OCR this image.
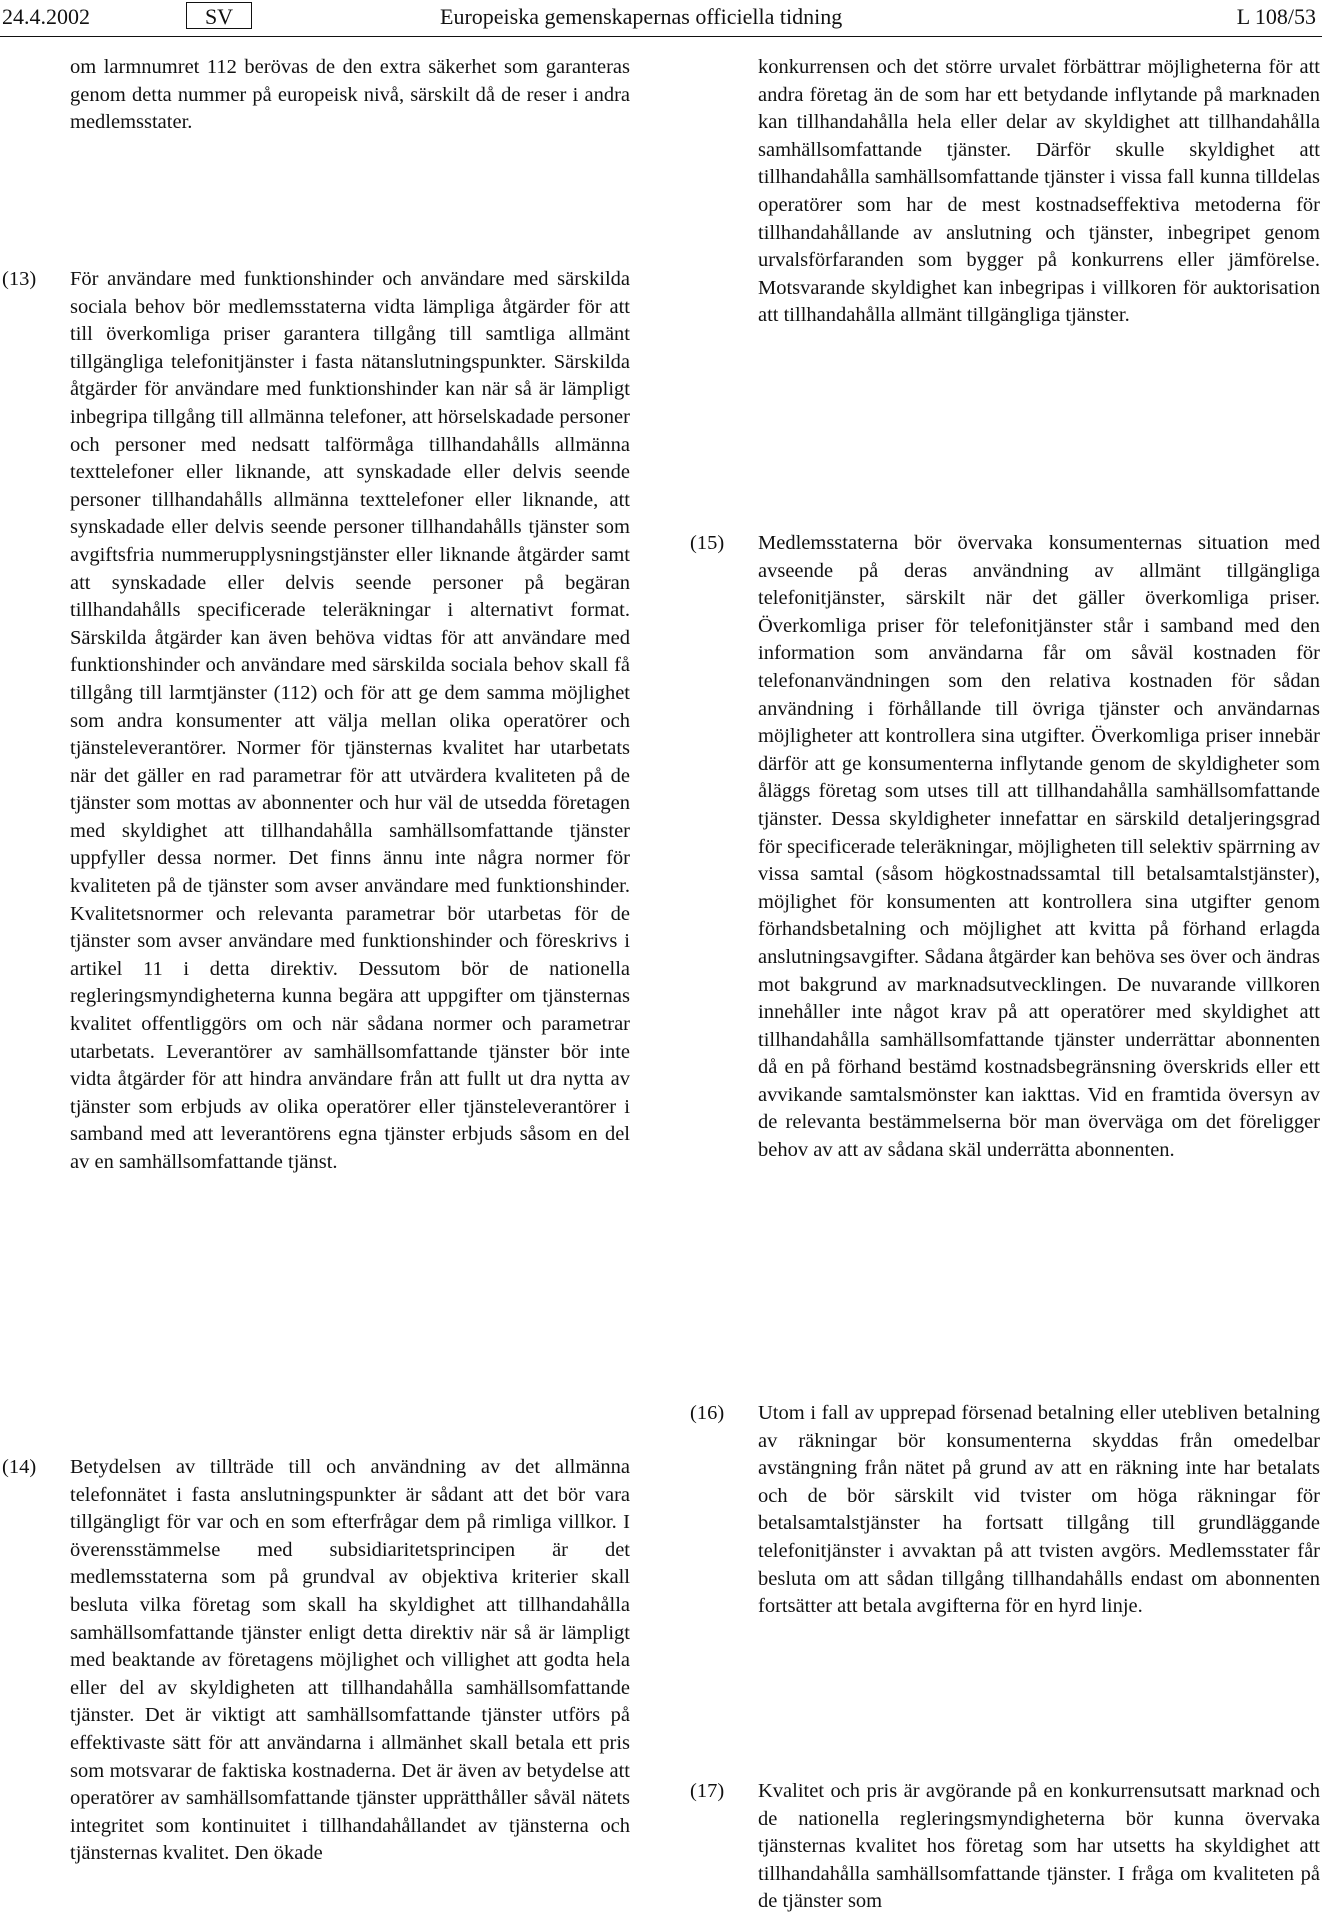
24.4.2002	SV	Europeiska gemenskapernas officiella tidning	L 108/53
om larmnumret 112 berövas de den extra säkerhet som garanteras genom detta nummer på europeisk nivå, särskilt då de reser i andra medlemsstater.
(13)	För användare med funktionshinder och användare med särskilda sociala behov bör medlemsstaterna vidta lämpliga åtgärder för att till överkomliga priser garantera tillgång till samtliga allmänt tillgängliga telefonitjänster i fasta nätanslutningspunkter. Särskilda åtgärder för användare med funktionshinder kan när så är lämpligt inbegripa tillgång till allmänna telefoner, att hörselskadade personer och personer med nedsatt talförmåga tillhandahålls allmänna texttelefoner eller liknande, att synskadade eller delvis seende personer tillhandahålls allmänna texttelefoner eller liknande, att synskadade eller delvis seende personer tillhandahålls tjänster som avgiftsfria nummerupplysningstjänster eller liknande åtgärder samt att synskadade eller delvis seende personer på begäran tillhandahålls specificerade teleräkningar i alternativt format. Särskilda åtgärder kan även behöva vidtas för att användare med funktionshinder och användare med särskilda sociala behov skall få tillgång till larmtjänster (112) och för att ge dem samma möjlighet som andra konsumenter att välja mellan olika operatörer och tjänsteleverantörer. Normer för tjänsternas kvalitet har utarbetats när det gäller en rad parametrar för att utvärdera kvaliteten på de tjänster som mottas av abonnenter och hur väl de utsedda företagen med skyldighet att tillhandahålla samhällsomfattande tjänster uppfyller dessa normer. Det finns ännu inte några normer för kvaliteten på de tjänster som avser användare med funktionshinder. Kvalitetsnormer och relevanta parametrar bör utarbetas för de tjänster som avser användare med funktionshinder och föreskrivs i artikel 11 i detta direktiv. Dessutom bör de nationella regleringsmyndigheterna kunna begära att uppgifter om tjänsternas kvalitet offentliggörs om och när sådana normer och parametrar utarbetats. Leverantörer av samhällsomfattande tjänster bör inte vidta åtgärder för att hindra användare från att fullt ut dra nytta av tjänster som erbjuds av olika operatörer eller tjänsteleverantörer i samband med att leverantörens egna tjänster erbjuds såsom en del av en samhällsomfattande tjänst.
(14)	Betydelsen av tillträde till och användning av det allmänna telefonnätet i fasta anslutningspunkter är sådant att det bör vara tillgängligt för var och en som efterfrågar dem på rimliga villkor. I överensstämmelse med subsidiaritetsprincipen är det medlemsstaterna som på grundval av objektiva kriterier skall besluta vilka företag som skall ha skyldighet att tillhandahålla samhällsomfattande tjänster enligt detta direktiv när så är lämpligt med beaktande av företagens möjlighet och villighet att godta hela eller del av skyldigheten att tillhandahålla samhällsomfattande tjänster. Det är viktigt att samhällsomfattande tjänster utförs på effektivaste sätt för att användarna i allmänhet skall betala ett pris som motsvarar de faktiska kostnaderna. Det är även av betydelse att operatörer av samhällsomfattande tjänster upprätthåller såväl nätets integritet som kontinuitet i tillhandahållandet av tjänsterna och tjänsternas kvalitet. Den ökade
konkurrensen och det större urvalet förbättrar möjligheterna för att andra företag än de som har ett betydande inflytande på marknaden kan tillhandahålla hela eller delar av skyldighet att tillhandahålla samhällsomfattande tjänster. Därför skulle skyldighet att tillhandahålla samhällsomfattande tjänster i vissa fall kunna tilldelas operatörer som har de mest kostnadseffektiva metoderna för tillhandahållande av anslutning och tjänster, inbegripet genom urvalsförfaranden som bygger på konkurrens eller jämförelse. Motsvarande skyldighet kan inbegripas i villkoren för auktorisation att tillhandahålla allmänt tillgängliga tjänster.
(15)	Medlemsstaterna bör övervaka konsumenternas situation med avseende på deras användning av allmänt tillgängliga telefonitjänster, särskilt när det gäller överkomliga priser. Överkomliga priser för telefonitjänster står i samband med den information som användarna får om såväl kostnaden för telefonanvändningen som den relativa kostnaden för sådan användning i förhållande till övriga tjänster och användarnas möjligheter att kontrollera sina utgifter. Överkomliga priser innebär därför att ge konsumenterna inflytande genom de skyldigheter som åläggs företag som utses till att tillhandahålla samhällsomfattande tjänster. Dessa skyldigheter innefattar en särskild detaljeringsgrad för specificerade teleräkningar, möjligheten till selektiv spärrning av vissa samtal (såsom högkostnadssamtal till betalsamtalstjänster), möjlighet för konsumenten att kontrollera sina utgifter genom förhandsbetalning och möjlighet att kvitta på förhand erlagda anslutningsavgifter. Sådana åtgärder kan behöva ses över och ändras mot bakgrund av marknadsutvecklingen. De nuvarande villkoren innehåller inte något krav på att operatörer med skyldighet att tillhandahålla samhällsomfattande tjänster underrättar abonnenten då en på förhand bestämd kostnadsbegränsning överskrids eller ett avvikande samtalsmönster kan iakttas. Vid en framtida översyn av de relevanta bestämmelserna bör man överväga om det föreligger behov av att av sådana skäl underrätta abonnenten.
(16)	Utom i fall av upprepad försenad betalning eller utebliven betalning av räkningar bör konsumenterna skyddas från omedelbar avstängning från nätet på grund av att en räkning inte har betalats och de bör särskilt vid tvister om höga räkningar för betalsamtalstjänster ha fortsatt tillgång till grundläggande telefonitjänster i avvaktan på att tvisten avgörs. Medlemsstater får besluta om att sådan tillgång tillhandahålls endast om abonnenten fortsätter att betala avgifterna för en hyrd linje.
(17)	Kvalitet och pris är avgörande på en konkurrensutsatt marknad och de nationella regleringsmyndigheterna bör kunna övervaka tjänsternas kvalitet hos företag som har utsetts ha skyldighet att tillhandahålla samhällsomfattande tjänster. I fråga om kvaliteten på de tjänster som
